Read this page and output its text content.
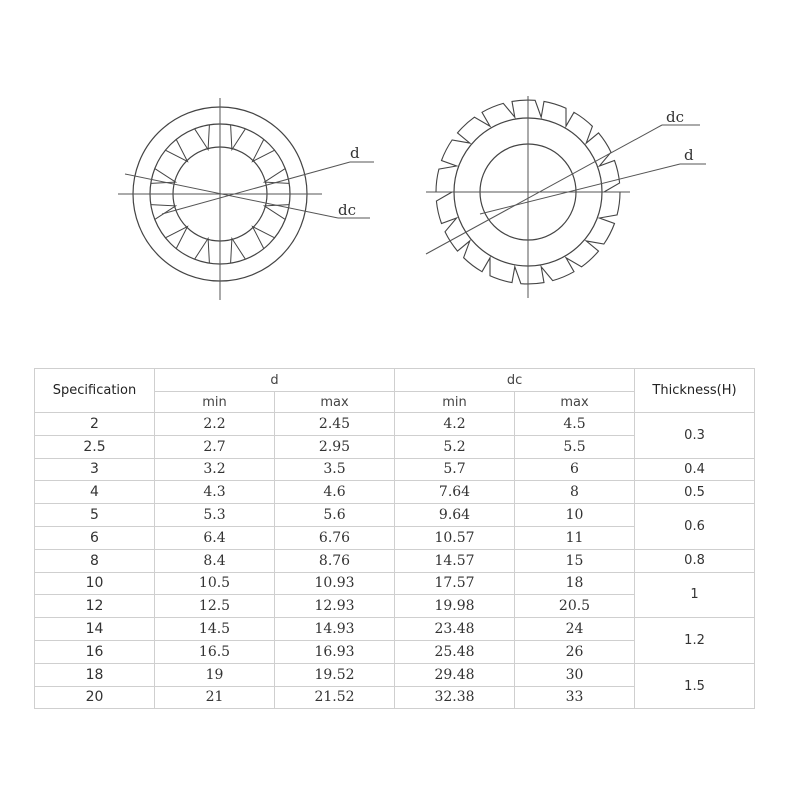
d
dc
dc
d
Specification	d		dc		Thickness(H)
	min	max	min	max	
2	2.2	2.45	4.2	4.5	0.3
2.5	2.7	2.95	5.2	5.5	
3	3.2	3.5	5.7	6	0.4
4	4.3	4.6	7.64	8	0.5
5	5.3	5.6	9.64	10	0.6
6	6.4	6.76	10.57	11	
8	8.4	8.76	14.57	15	0.8
10	10.5	10.93	17.57	18	1
12	12.5	12.93	19.98	20.5	
14	14.5	14.93	23.48	24	1.2
16	16.5	16.93	25.48	26	
18	19	19.52	29.48	30	1.5
20	21	21.52	32.38	33	
